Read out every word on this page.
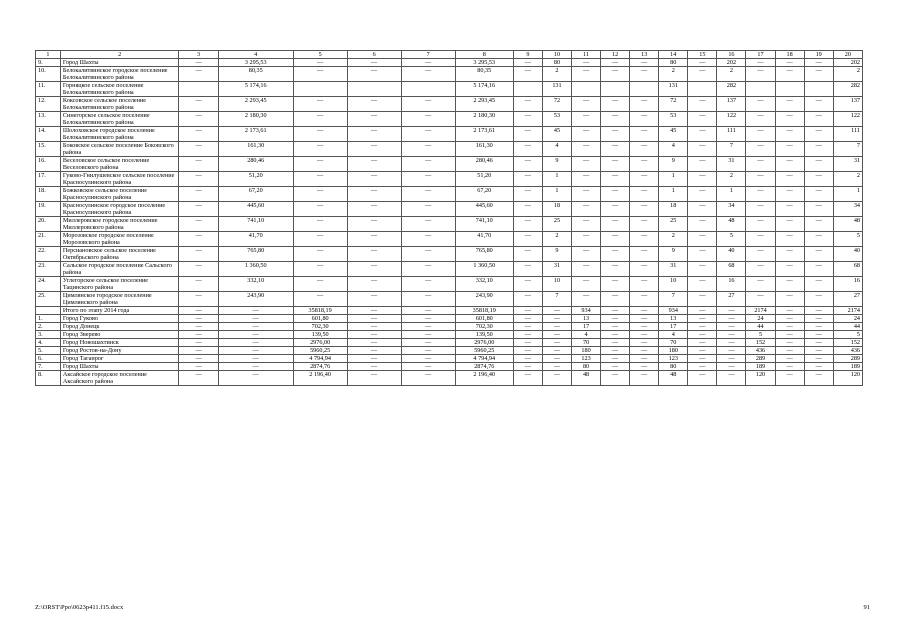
1	2	3	4	5	6	7	8	9	10	11	12	13	14	15	16	17	18	19	20
9.	Город Шахты	—	3 295,53	—	—	—	3 295,53	—	80	—	—	—	80	—	202	—	—	—	202
10.	Белокалитвинское городское поселение Белокалитвинского района	—	80,35	—	—	—	80,35	—	2	—	—	—	2	—	2	—	—	—	2
11.	Горняцкое сельское поселение Белокалитвинского района		5 174,16				5 174,16		131				131		282				282
12.	Коксовское сельское поселение Белокалитвинского района	—	2 293,45	—	—	—	2 293,45	—	72	—	—	—	72	—	137	—	—	—	137
13.	Синегорское сельское поселение Белокалитвинского района	—	2 180,30	—	—	—	2 180,30	—	53	—	—	—	53	—	122	—	—	—	122
14.	Шолоховское городское поселение Белокалитвинского района	—	2 173,61	—	—	—	2 173,61	—	45	—	—	—	45	—	111	—	—	—	111
15.	Боковское сельское поселение Боковского района	—	161,30	—	—	—	161,30	—	4	—	—	—	4	—	7	—	—	—	7
16.	Веселовское сельское поселение Веселовского района	—	280,46	—	—	—	280,46	—	9	—	—	—	9	—	31	—	—	—	31
17.	Гуково-Гнилушевское сельское поселение Красносулинского района	—	51,20	—	—	—	51,20	—	1	—	—	—	1	—	2	—	—	—	2
18.	Божковское сельское поселение Красносулинского района	—	67,20	—	—	—	67,20	—	1	—	—	—	1	—	1	—	—	—	1
19.	Красносулинское городское поселение Красносулинского района	—	445,60	—	—	—	445,60	—	18	—	—	—	18	—	34	—	—	—	34
20.	Миллеровское городское поселение Миллеровского района	—	741,10	—	—	—	741,10	—	25	—	—	—	25	—	48	—	—	—	48
21.	Морозовское городское поселение Морозовского района	—	41,70	—	—	—	41,70	—	2	—	—	—	2	—	5	—	—	—	5
22.	Персиановское сельское поселение Октябрьского района	—	765,80	—	—	—	765,80	—	9	—	—	—	9	—	40	—	—	—	40
23.	Сальское городское поселение Сальского района	—	1 360,50	—	—	—	1 360,50	—	31	—	—	—	31	—	68	—	—	—	68
24.	Углегорское сельское поселение Тацинского района	—	332,10	—	—	—	332,10	—	10	—	—	—	10	—	16	—	—	—	16
25.	Цимлянское городское поселение Цимлянского района	—	243,90	—	—	—	243,90	—	7	—	—	—	7	—	27	—	—	—	27
	Итого по этапу 2014 года	—	—	35818,19	—	—	35818,19	—	—	934	—	—	934	—	—	2174	—	—	2174
1.	Город Гуково	—	—	601,80	—	—	601,80	—	—	13	—	—	13	—	—	24	—	—	24
2.	Город Донецк	—	—	702,30	—	—	702,30	—	—	17	—	—	17	—	—	44	—	—	44
3.	Город Зверево	—	—	139,50	—	—	139,50	—	—	4	—	—	4	—	—	5	—	—	5
4.	Город Новошахтинск	—	—	2976,00	—	—	2976,00	—	—	70	—	—	70	—	—	152	—	—	152
5.	Город Ростов-на-Дону	—	—	5960,25	—	—	5960,25	—	—	180	—	—	180	—	—	436	—	—	436
6.	Город Таганрог	—	—	4 794,94	—	—	4 794,94	—	—	123	—	—	123	—	—	289	—	—	289
7.	Город Шахты	—	—	2874,76	—	—	2874,76	—	—	80	—	—	80	—	—	189	—	—	189
8.	Аксайское городское поселение Аксайского района	—	—	2 196,40	—	—	2 196,40	—	—	48	—	—	48	—	—	120	—	—	120
Z:\ORST\Ppo\0623p411.f15.docx	91
